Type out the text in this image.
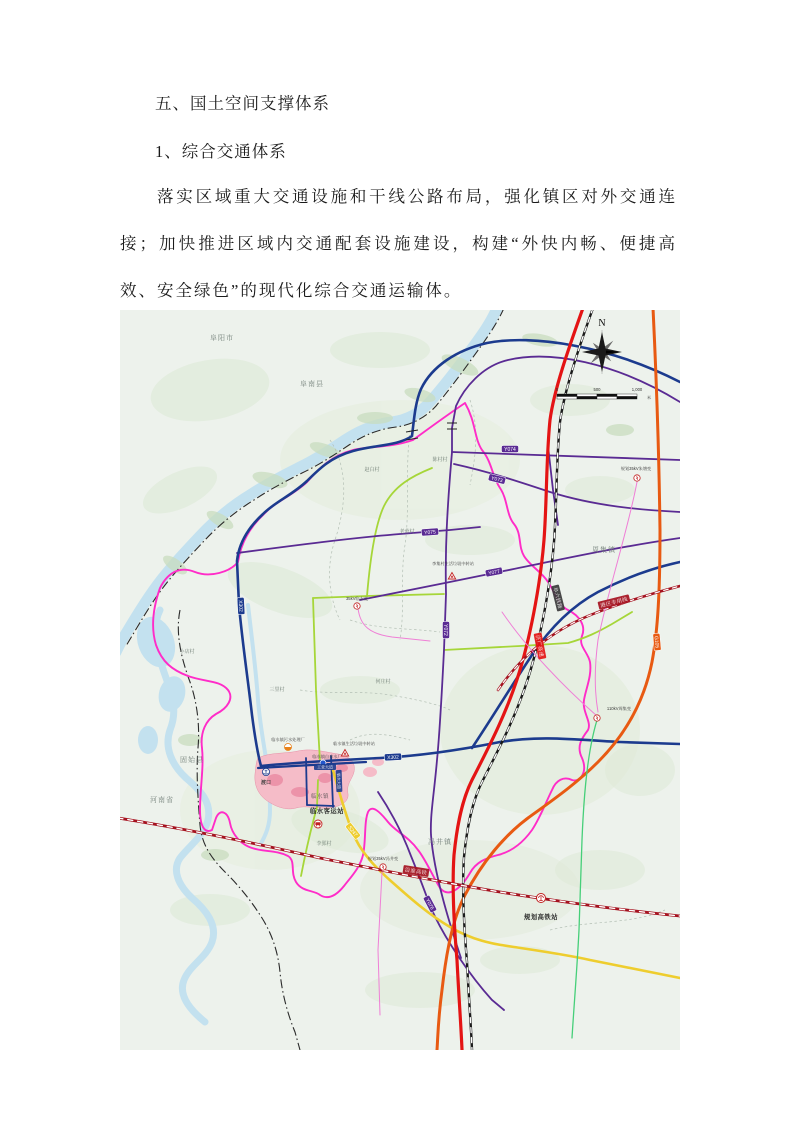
五、国土空间支撑体系
1、综合交通体系
落实区域重大交通设施和干线公路布局，强化镇区对外交通连接；加快推进区域内交通配套设施建设，构建“外快内畅、便捷高效、安全绿色”的现代化综合交通运输体。
Y074
Y073
Y075
Y077
Y072
Y076
X302
X302
S247
G105
济广高速
阜六铁路	港区专用线
沿淮高铁
工业大道
临水大道
临水客运站
规划高铁站
临水镇污水处理厂
临水镇生活垃圾中转站
临水镇自来水厂
李集村生活垃圾中转站
35kV临水变
110kV周集变
规划35kV朱塘变
规划35kV冯井变
渡口
赵白村
陈村村
老营村
小店村
三里村
何庄村
李郢村
阜阳市
阜南县
固始县
河南省
周集镇
冯井镇
临水镇
N
0	500	1,000
米
